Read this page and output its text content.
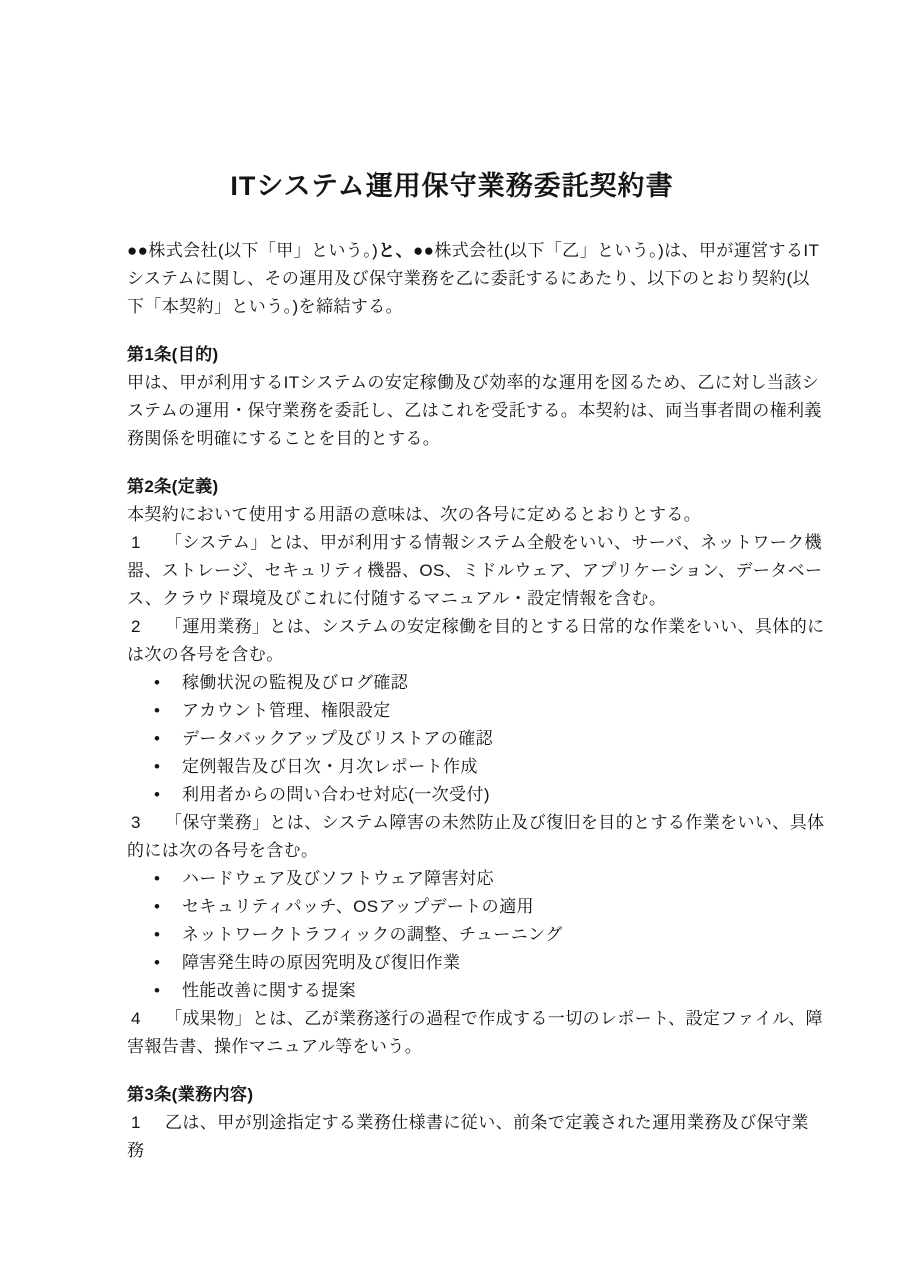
ITシステム運用保守業務委託契約書

●●株式会社(以下「甲」という。)と、●●株式会社(以下「乙」という。)は、甲が運営するITシステムに関し、その運用及び保守業務を乙に委託するにあたり、以下のとおり契約(以下「本契約」という。)を締結する。

第1条(目的)

甲は、甲が利用するITシステムの安定稼働及び効率的な運用を図るため、乙に対し当該システムの運用・保守業務を委託し、乙はこれを受託する。本契約は、両当事者間の権利義務関係を明確にすることを目的とする。

第2条(定義)

本契約において使用する用語の意味は、次の各号に定めるとおりとする。

1 「システム」とは、甲が利用する情報システム全般をいい、サーバ、ネットワーク機器、ストレージ、セキュリティ機器、OS、ミドルウェア、アプリケーション、データベース、クラウド環境及びこれに付随するマニュアル・設定情報を含む。

2 「運用業務」とは、システムの安定稼働を目的とする日常的な作業をいい、具体的には次の各号を含む。

• 稼働状況の監視及びログ確認
• アカウント管理、権限設定
• データバックアップ及びリストアの確認
• 定例報告及び日次・月次レポート作成
• 利用者からの問い合わせ対応(一次受付)

3 「保守業務」とは、システム障害の未然防止及び復旧を目的とする作業をいい、具体的には次の各号を含む。

• ハードウェア及びソフトウェア障害対応
• セキュリティパッチ、OSアップデートの適用
• ネットワークトラフィックの調整、チューニング
• 障害発生時の原因究明及び復旧作業
• 性能改善に関する提案

4 「成果物」とは、乙が業務遂行の過程で作成する一切のレポート、設定ファイル、障害報告書、操作マニュアル等をいう。

第3条(業務内容)

1 乙は、甲が別途指定する業務仕様書に従い、前条で定義された運用業務及び保守業務
